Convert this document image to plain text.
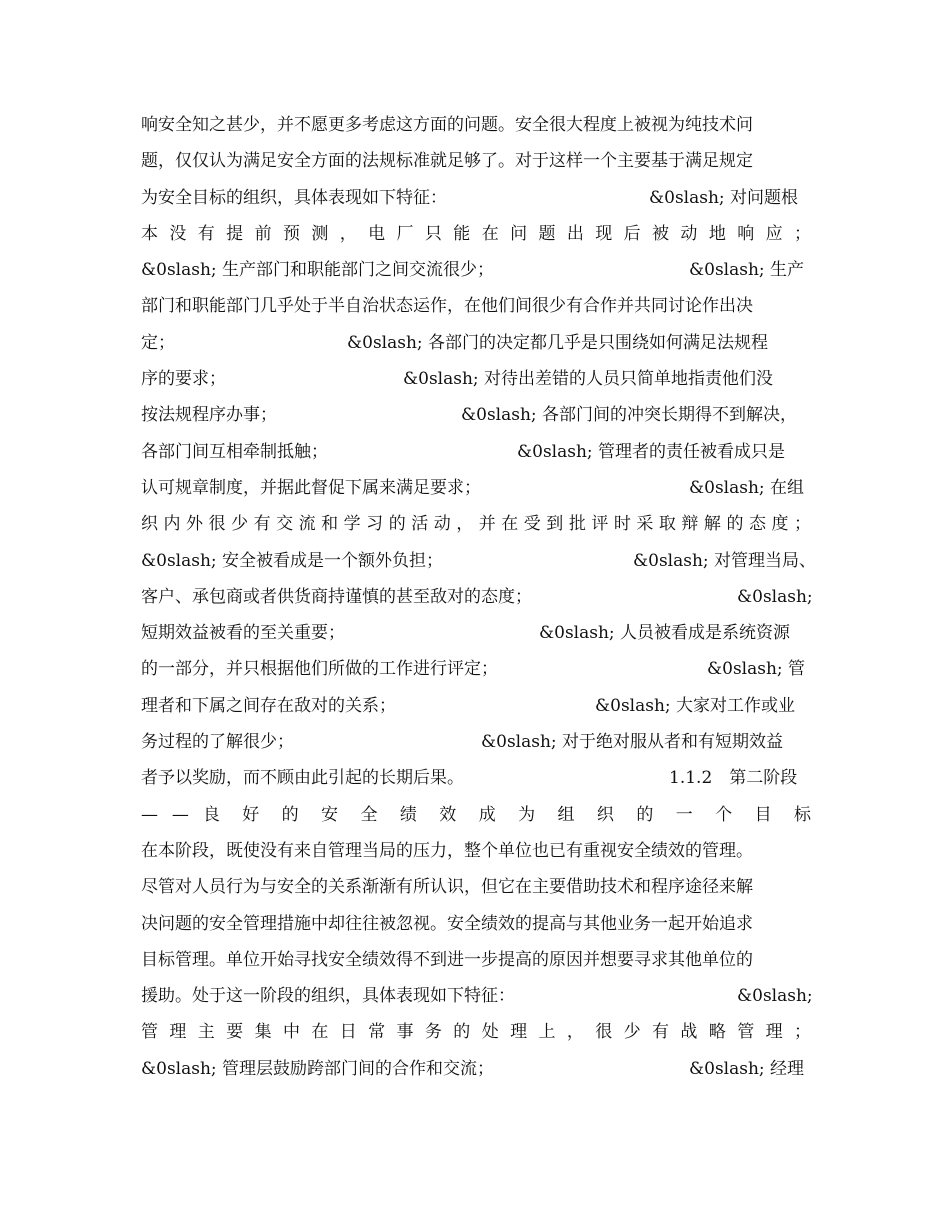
响安全知之甚少，并不愿更多考虑这方面的问题。安全很大程度上被视为纯技术问
题，仅仅认为满足安全方面的法规标准就足够了。对于这样一个主要基于满足规定
为安全目标的组织，具体表现如下特征：	&0slash; 对问题根
本没有提前预测，电厂只能在问题出现后被动地响应；
&0slash; 生产部门和职能部门之间交流很少；	&0slash; 生产
部门和职能部门几乎处于半自治状态运作，在他们间很少有合作并共同讨论作出决
定；	&0slash; 各部门的决定都几乎是只围绕如何满足法规程
序的要求；	&0slash; 对待出差错的人员只简单地指责他们没
按法规程序办事；	&0slash; 各部门间的冲突长期得不到解决，
各部门间互相牵制抵触；	&0slash; 管理者的责任被看成只是
认可规章制度，并据此督促下属来满足要求；	&0slash; 在组
织内外很少有交流和学习的活动，并在受到批评时采取辩解的态度；
&0slash; 安全被看成是一个额外负担；	&0slash; 对管理当局、
客户、承包商或者供货商持谨慎的甚至敌对的态度；	&0slash;
短期效益被看的至关重要；	&0slash; 人员被看成是系统资源
的一部分，并只根据他们所做的工作进行评定；	&0slash; 管
理者和下属之间存在敌对的关系；	&0slash; 大家对工作或业
务过程的了解很少；	&0slash; 对于绝对服从者和有短期效益
者予以奖励，而不顾由此引起的长期后果。	1.1.2　第二阶段
— — 良 好 的 安 全 绩 效 成 为 组 织 的 一 个 目 标
在本阶段，既使没有来自管理当局的压力，整个单位也已有重视安全绩效的管理。
尽管对人员行为与安全的关系渐渐有所认识，但它在主要借助技术和程序途径来解
决问题的安全管理措施中却往往被忽视。安全绩效的提高与其他业务一起开始追求
目标管理。单位开始寻找安全绩效得不到进一步提高的原因并想要寻求其他单位的
援助。处于这一阶段的组织，具体表现如下特征：	&0slash;
管理主要集中在日常事务的处理上，很少有战略管理；
&0slash; 管理层鼓励跨部门间的合作和交流；	&0slash; 经理
